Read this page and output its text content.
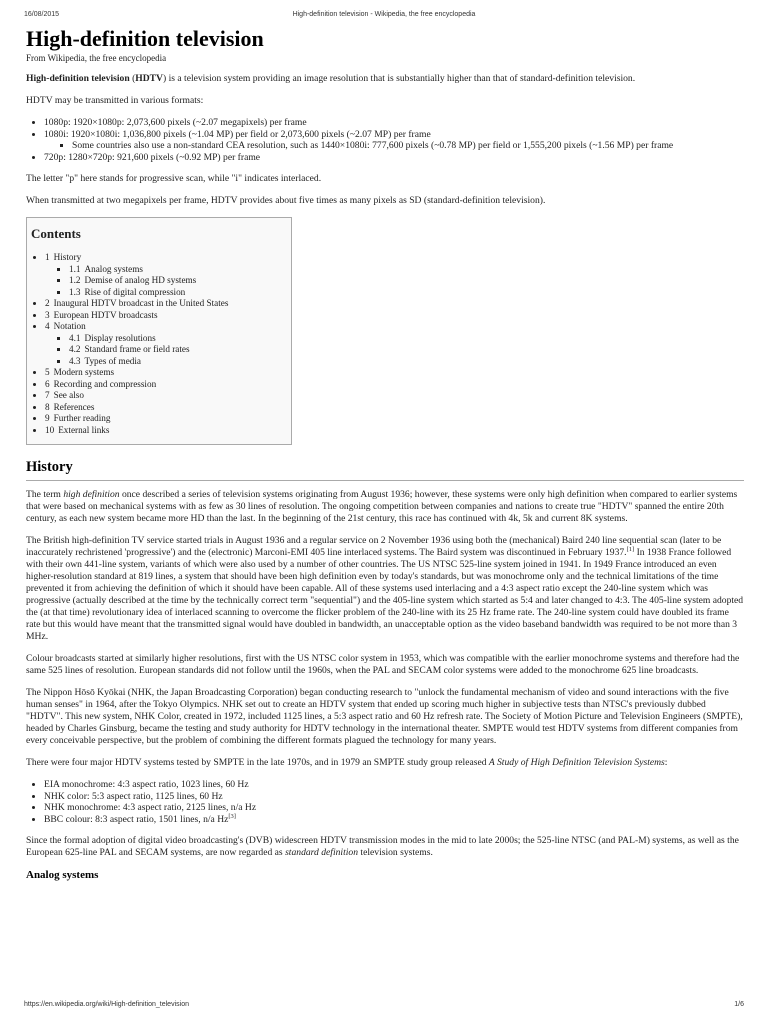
16/08/2015	High-definition television - Wikipedia, the free encyclopedia
High-definition television
From Wikipedia, the free encyclopedia

High-definition television (HDTV) is a television system providing an image resolution that is substantially higher than that of standard-definition television.

HDTV may be transmitted in various formats:

• 1080p: 1920×1080p: 2,073,600 pixels (~2.07 megapixels) per frame
• 1080i: 1920×1080i: 1,036,800 pixels (~1.04 MP) per field or 2,073,600 pixels (~2.07 MP) per frame
▪ Some countries also use a non-standard CEA resolution, such as 1440×1080i: 777,600 pixels (~0.78 MP) per field or 1,555,200 pixels (~1.56 MP) per frame
• 720p: 1280×720p: 921,600 pixels (~0.92 MP) per frame

The letter "p" here stands for progressive scan, while "i" indicates interlaced.

When transmitted at two megapixels per frame, HDTV provides about five times as many pixels as SD (standard-definition television).

Contents
• 1 History
▪ 1.1 Analog systems
▪ 1.2 Demise of analog HD systems
▪ 1.3 Rise of digital compression
• 2 Inaugural HDTV broadcast in the United States
• 3 European HDTV broadcasts
• 4 Notation
▪ 4.1 Display resolutions
▪ 4.2 Standard frame or field rates
▪ 4.3 Types of media
• 5 Modern systems
• 6 Recording and compression
• 7 See also
• 8 References
• 9 Further reading
• 10 External links
History

The term high definition once described a series of television systems originating from August 1936; however, these systems were only high definition when compared to earlier systems that were based on mechanical systems with as few as 30 lines of resolution. The ongoing competition between companies and nations to create true "HDTV" spanned the entire 20th century, as each new system became more HD than the last. In the beginning of the 21st century, this race has continued with 4k, 5k and current 8K systems.

The British high-definition TV service started trials in August 1936 and a regular service on 2 November 1936 using both the (mechanical) Baird 240 line sequential scan (later to be inaccurately rechristened 'progressive') and the (electronic) Marconi-EMI 405 line interlaced systems. The Baird system was discontinued in February 1937.[1] In 1938 France followed with their own 441-line system, variants of which were also used by a number of other countries. The US NTSC 525-line system joined in 1941. In 1949 France introduced an even higher-resolution standard at 819 lines, a system that should have been high definition even by today's standards, but was monochrome only and the technical limitations of the time prevented it from achieving the definition of which it should have been capable. All of these systems used interlacing and a 4:3 aspect ratio except the 240-line system which was progressive (actually described at the time by the technically correct term "sequential") and the 405-line system which started as 5:4 and later changed to 4:3. The 405-line system adopted the (at that time) revolutionary idea of interlaced scanning to overcome the flicker problem of the 240-line with its 25 Hz frame rate. The 240-line system could have doubled its frame rate but this would have meant that the transmitted signal would have doubled in bandwidth, an unacceptable option as the video baseband bandwidth was required to be not more than 3 MHz.

Colour broadcasts started at similarly higher resolutions, first with the US NTSC color system in 1953, which was compatible with the earlier monochrome systems and therefore had the same 525 lines of resolution. European standards did not follow until the 1960s, when the PAL and SECAM color systems were added to the monochrome 625 line broadcasts.

The Nippon Hōsō Kyōkai (NHK, the Japan Broadcasting Corporation) began conducting research to "unlock the fundamental mechanism of video and sound interactions with the five human senses" in 1964, after the Tokyo Olympics. NHK set out to create an HDTV system that ended up scoring much higher in subjective tests than NTSC's previously dubbed "HDTV". This new system, NHK Color, created in 1972, included 1125 lines, a 5:3 aspect ratio and 60 Hz refresh rate. The Society of Motion Picture and Television Engineers (SMPTE), headed by Charles Ginsburg, became the testing and study authority for HDTV technology in the international theater. SMPTE would test HDTV systems from different companies from every conceivable perspective, but the problem of combining the different formats plagued the technology for many years.

There were four major HDTV systems tested by SMPTE in the late 1970s, and in 1979 an SMPTE study group released A Study of High Definition Television Systems:

• EIA monochrome: 4:3 aspect ratio, 1023 lines, 60 Hz
• NHK color: 5:3 aspect ratio, 1125 lines, 60 Hz
• NHK monochrome: 4:3 aspect ratio, 2125 lines, n/a Hz
• BBC colour: 8:3 aspect ratio, 1501 lines, n/a Hz[3]

Since the formal adoption of digital video broadcasting's (DVB) widescreen HDTV transmission modes in the mid to late 2000s; the 525-line NTSC (and PAL-M) systems, as well as the European 625-line PAL and SECAM systems, are now regarded as standard definition television systems.

Analog systems
https://en.wikipedia.org/wiki/High-definition_television	1/6
